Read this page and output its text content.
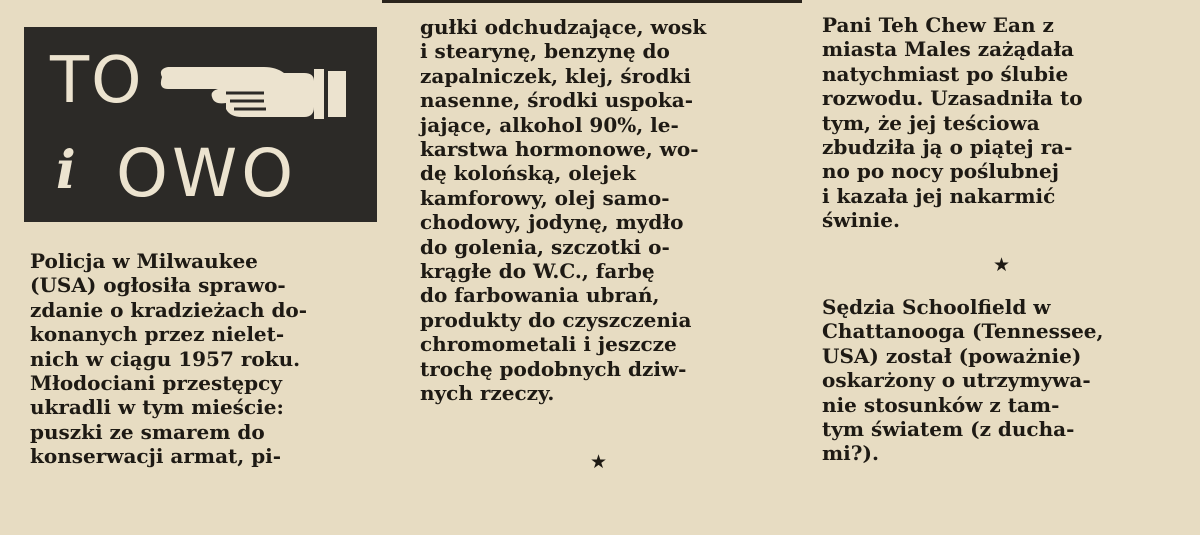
TO
i OWO

Policja w Milwaukee
(USA) ogłosiła sprawo-
zdanie o kradzieżach do-
konanych przez nielet-
nich w ciągu 1957 roku.
Młodociani przestępcy
ukradli w tym mieście:
puszki ze smarem do
konserwacji armat, pi-

gułki odchudzające, wosk
i stearynę, benzynę do
zapalniczek, klej, środki
nasenne, środki uspoka-
jające, alkohol 90%, le-
karstwa hormonowe, wo-
dę kolońską, olejek
kamforowy, olej samo-
chodowy, jodynę, mydło
do golenia, szczotki o-
krągłe do W.C., farbę
do farbowania ubrań,
produkty do czyszczenia
chromometali i jeszcze
trochę podobnych dziw-
nych rzeczy.

★

Pani Teh Chew Ean z
miasta Males zażądała
natychmiast po ślubie
rozwodu. Uzasadniła to
tym, że jej teściowa
zbudziła ją o piątej ra-
no po nocy poślubnej
i kazała jej nakarmić
świnie.

Sędzia Schoolfield w
Chattanooga (Tennessee,
USA) został (poważnie)
oskarżony o utrzymywa-
nie stosunków z tam-
tym światem (z ducha-
mi?).

★
